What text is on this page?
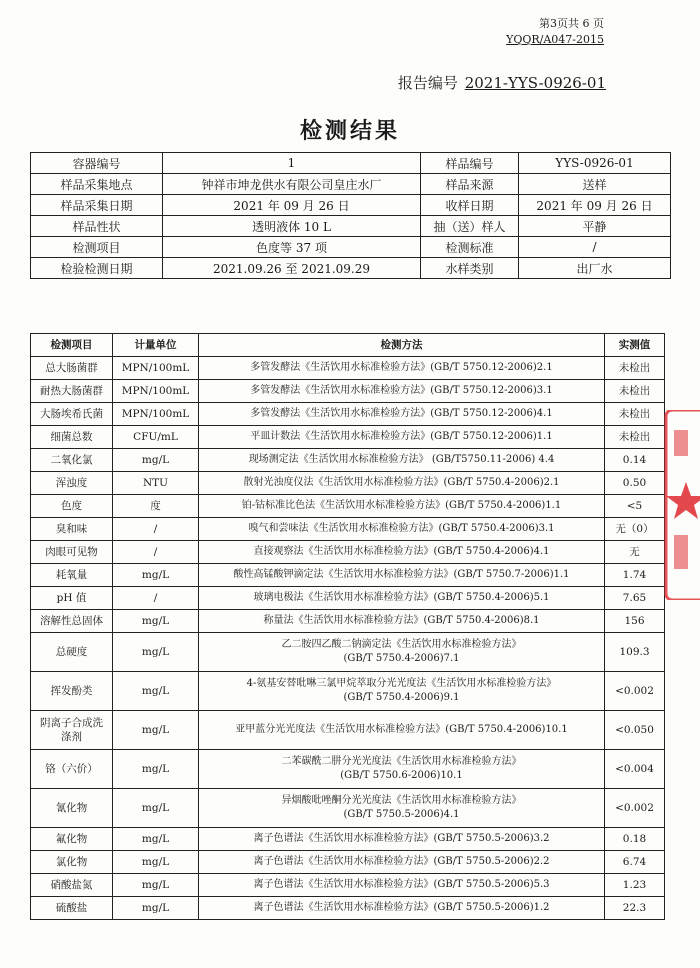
第3页共 6 页
YQQR/A047-2015
报告编号 2021-YYS-0926-01
检测结果
容器编号	1	样品编号	YYS-0926-01
样品采集地点	钟祥市坤龙供水有限公司皇庄水厂	样品来源	送样
样品采集日期	2021 年 09 月 26 日	收样日期	2021 年 09 月 26 日
样品性状	透明液体 10 L	抽（送）样人	平静
检测项目	色度等 37 项	检测标准	/
检验检测日期	2021.09.26 至 2021.09.29	水样类别	出厂水
检测项目	计量单位	检测方法	实测值
总大肠菌群	MPN/100mL	多管发酵法《生活饮用水标准检验方法》(GB/T 5750.12-2006)2.1	未检出
耐热大肠菌群	MPN/100mL	多管发酵法《生活饮用水标准检验方法》(GB/T 5750.12-2006)3.1	未检出
大肠埃希氏菌	MPN/100mL	多管发酵法《生活饮用水标准检验方法》(GB/T 5750.12-2006)4.1	未检出
细菌总数	CFU/mL	平皿计数法《生活饮用水标准检验方法》(GB/T 5750.12-2006)1.1	未检出
二氧化氯	mg/L	现场测定法《生活饮用水标准检验方法》 (GB/T5750.11-2006) 4.4	0.14
浑浊度	NTU	散射光浊度仪法《生活饮用水标准检验方法》(GB/T 5750.4-2006)2.1	0.50
色度	度	铂-钴标准比色法《生活饮用水标准检验方法》(GB/T 5750.4-2006)1.1	<5
臭和味	/	嗅气和尝味法《生活饮用水标准检验方法》(GB/T 5750.4-2006)3.1	无（0）
肉眼可见物	/	直接观察法《生活饮用水标准检验方法》(GB/T 5750.4-2006)4.1	无
耗氧量	mg/L	酸性高锰酸钾滴定法《生活饮用水标准检验方法》(GB/T 5750.7-2006)1.1	1.74
pH 值	/	玻璃电极法《生活饮用水标准检验方法》(GB/T 5750.4-2006)5.1	7.65
溶解性总固体	mg/L	称量法《生活饮用水标准检验方法》(GB/T 5750.4-2006)8.1	156
总硬度	mg/L	乙二胺四乙酸二钠滴定法《生活饮用水标准检验方法》
(GB/T 5750.4-2006)7.1	109.3
挥发酚类	mg/L	4-氨基安替吡啉三氯甲烷萃取分光光度法《生活饮用水标准检验方法》
(GB/T 5750.4-2006)9.1	<0.002
阴离子合成洗
涤剂	mg/L	亚甲蓝分光光度法《生活饮用水标准检验方法》(GB/T 5750.4-2006)10.1	<0.050
铬（六价）	mg/L	二苯碳酰二肼分光光度法《生活饮用水标准检验方法》
(GB/T 5750.6-2006)10.1	<0.004
氰化物	mg/L	异烟酸吡唑酮分光光度法《生活饮用水标准检验方法》
(GB/T 5750.5-2006)4.1	<0.002
氟化物	mg/L	离子色谱法《生活饮用水标准检验方法》(GB/T 5750.5-2006)3.2	0.18
氯化物	mg/L	离子色谱法《生活饮用水标准检验方法》(GB/T 5750.5-2006)2.2	6.74
硝酸盐氮	mg/L	离子色谱法《生活饮用水标准检验方法》(GB/T 5750.5-2006)5.3	1.23
硫酸盐	mg/L	离子色谱法《生活饮用水标准检验方法》(GB/T 5750.5-2006)1.2	22.3
